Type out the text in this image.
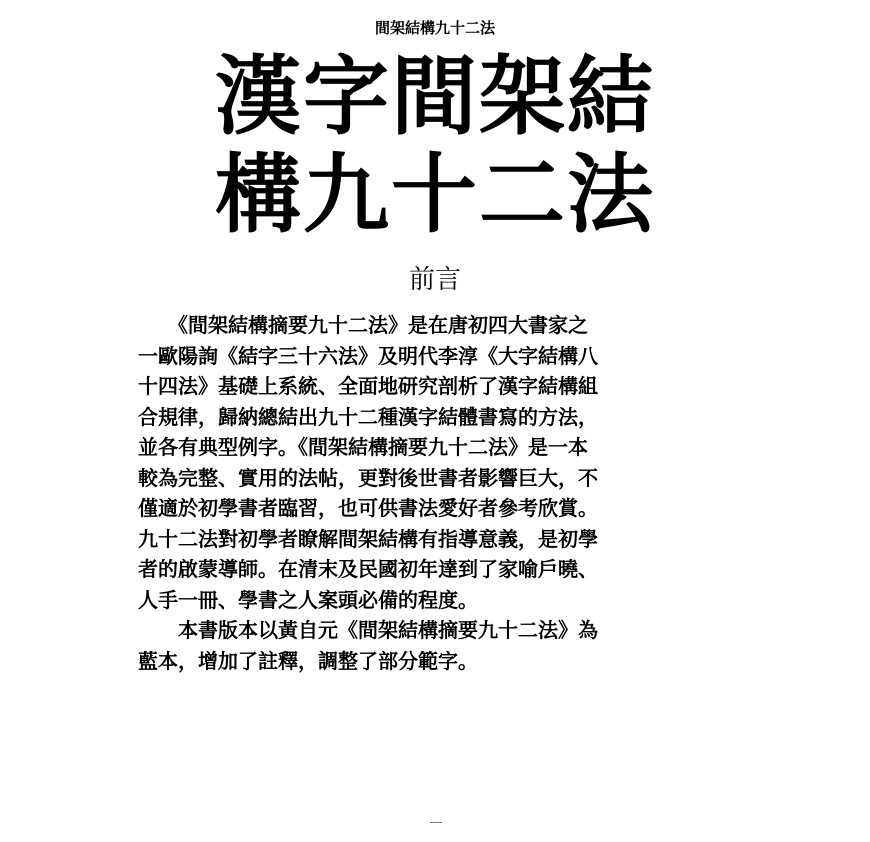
間架結構九十二法
漢字間架結
構九十二法
前言

　　《間架結構摘要九十二法》是在唐初四大書家之
一歐陽詢《結字三十六法》及明代李淳《大字結構八
十四法》基礎上系統、全面地研究剖析了漢字結構組
合規律，歸納總結出九十二種漢字結體書寫的方法，
並各有典型例字。《間架結構摘要九十二法》是一本
較為完整、實用的法帖，更對後世書者影響巨大，不
僅適於初學書者臨習，也可供書法愛好者參考欣賞。
九十二法對初學者瞭解間架結構有指導意義，是初學
者的啟蒙導師。在清末及民國初年達到了家喻戶曉、
人手一冊、學書之人案頭必備的程度。

　　本書版本以黃自元《間架結構摘要九十二法》為
藍本，增加了註釋，調整了部分範字。
